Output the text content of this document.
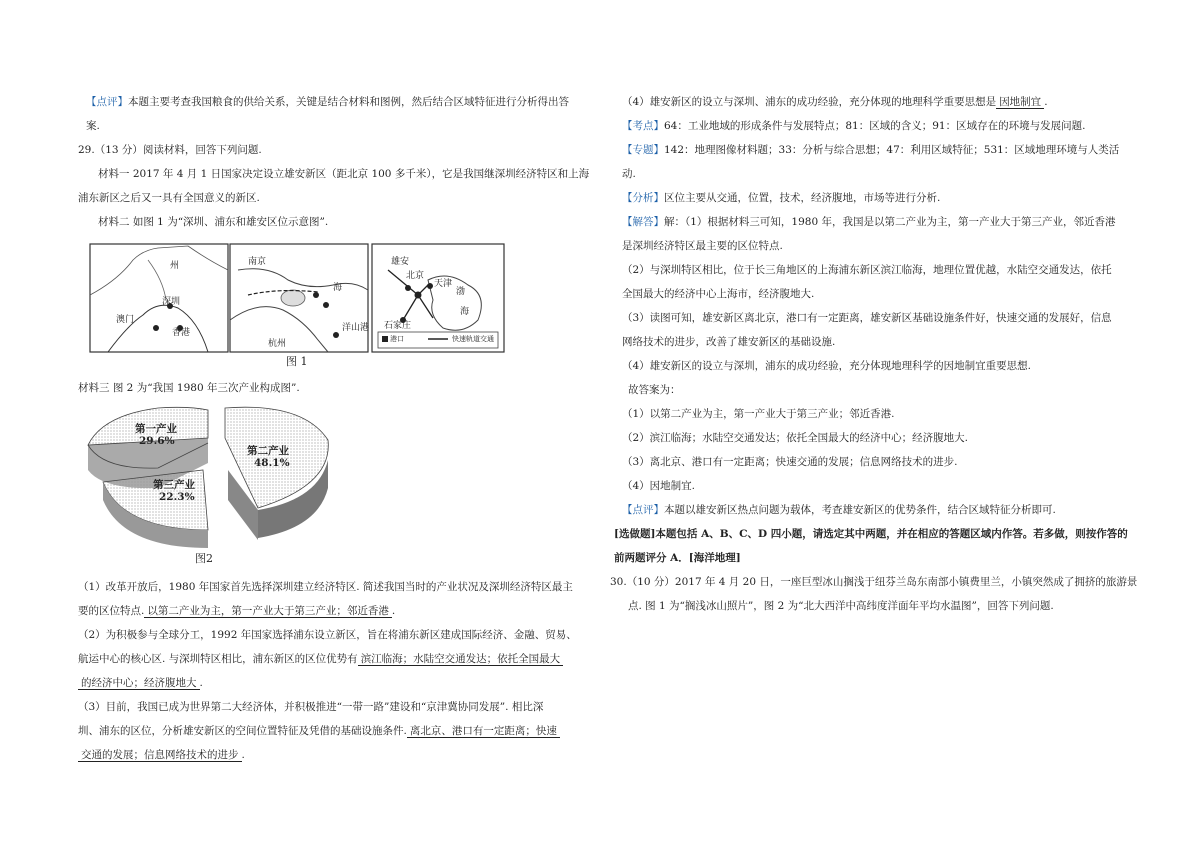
【点评】本题主要考查我国粮食的供给关系，关键是结合材料和图例，然后结合区域特征进行分析得出答
案.
29.（13 分）阅读材料，回答下列问题.
材料一 2017 年 4 月 1 日国家决定设立雄安新区（距北京 100 多千米），它是我国继深圳经济特区和上海
浦东新区之后又一具有全国意义的新区.
材料二 如图 1 为“深圳、浦东和雄安区位示意图”.
州
深圳
澳门
香港
南京
海
洋山港
杭州
雄安
北京
天津
渤
海
石家庄
港口	快速轨道交通
图 1
材料三 图 2 为“我国 1980 年三次产业构成图”.
第一产业
29.6%
第二产业
48.1%
第三产业
22.3%
图2
（1）改革开放后，1980 年国家首先选择深圳建立经济特区. 简述我国当时的产业状况及深圳经济特区最主
要的区位特点. 以第二产业为主，第一产业大于第三产业；邻近香港 .
（2）为积极参与全球分工，1992 年国家选择浦东设立新区，旨在将浦东新区建成国际经济、金融、贸易、
航运中心的核心区. 与深圳特区相比，浦东新区的区位优势有 滨江临海；水陆空交通发达；依托全国最大
的经济中心；经济腹地大 .
（3）目前，我国已成为世界第二大经济体，并积极推进“一带一路”建设和“京津冀协同发展”. 相比深
圳、浦东的区位，分析雄安新区的空间位置特征及凭借的基础设施条件. 离北京、港口有一定距离；快速
交通的发展；信息网络技术的进步 .
（4）雄安新区的设立与深圳、浦东的成功经验，充分体现的地理科学重要思想是 因地制宜 .
【考点】64：工业地域的形成条件与发展特点；81：区域的含义；91：区域存在的环境与发展问题.
【专题】142：地理图像材料题；33：分析与综合思想；47：利用区域特征；531：区域地理环境与人类活
动.
【分析】区位主要从交通，位置，技术，经济腹地，市场等进行分析.
【解答】解：（1）根据材料三可知，1980 年，我国是以第二产业为主，第一产业大于第三产业，邻近香港
是深圳经济特区最主要的区位特点.
（2）与深圳特区相比，位于长三角地区的上海浦东新区滨江临海，地理位置优越，水陆空交通发达，依托
全国最大的经济中心上海市，经济腹地大.
（3）读图可知，雄安新区离北京，港口有一定距离，雄安新区基础设施条件好，快速交通的发展好，信息
网络技术的进步，改善了雄安新区的基础设施.
（4）雄安新区的设立与深圳，浦东的成功经验，充分体现地理科学的因地制宜重要思想.
故答案为：
（1）以第二产业为主，第一产业大于第三产业；邻近香港.
（2）滨江临海；水陆空交通发达；依托全国最大的经济中心；经济腹地大.
（3）离北京、港口有一定距离；快速交通的发展；信息网络技术的进步.
（4）因地制宜.
【点评】本题以雄安新区热点问题为载体，考查雄安新区的优势条件，结合区域特征分析即可.
[选做题]本题包括 A、B、C、D 四小题，请选定其中两题，并在相应的答题区域内作答。若多做，则按作答的
前两题评分 A．[海洋地理]
30.（10 分）2017 年 4 月 20 日，一座巨型冰山搁浅于纽芬兰岛东南部小镇费里兰，小镇突然成了拥挤的旅游景
点. 图 1 为“搁浅冰山照片”，图 2 为“北大西洋中高纬度洋面年平均水温图”，回答下列问题.
